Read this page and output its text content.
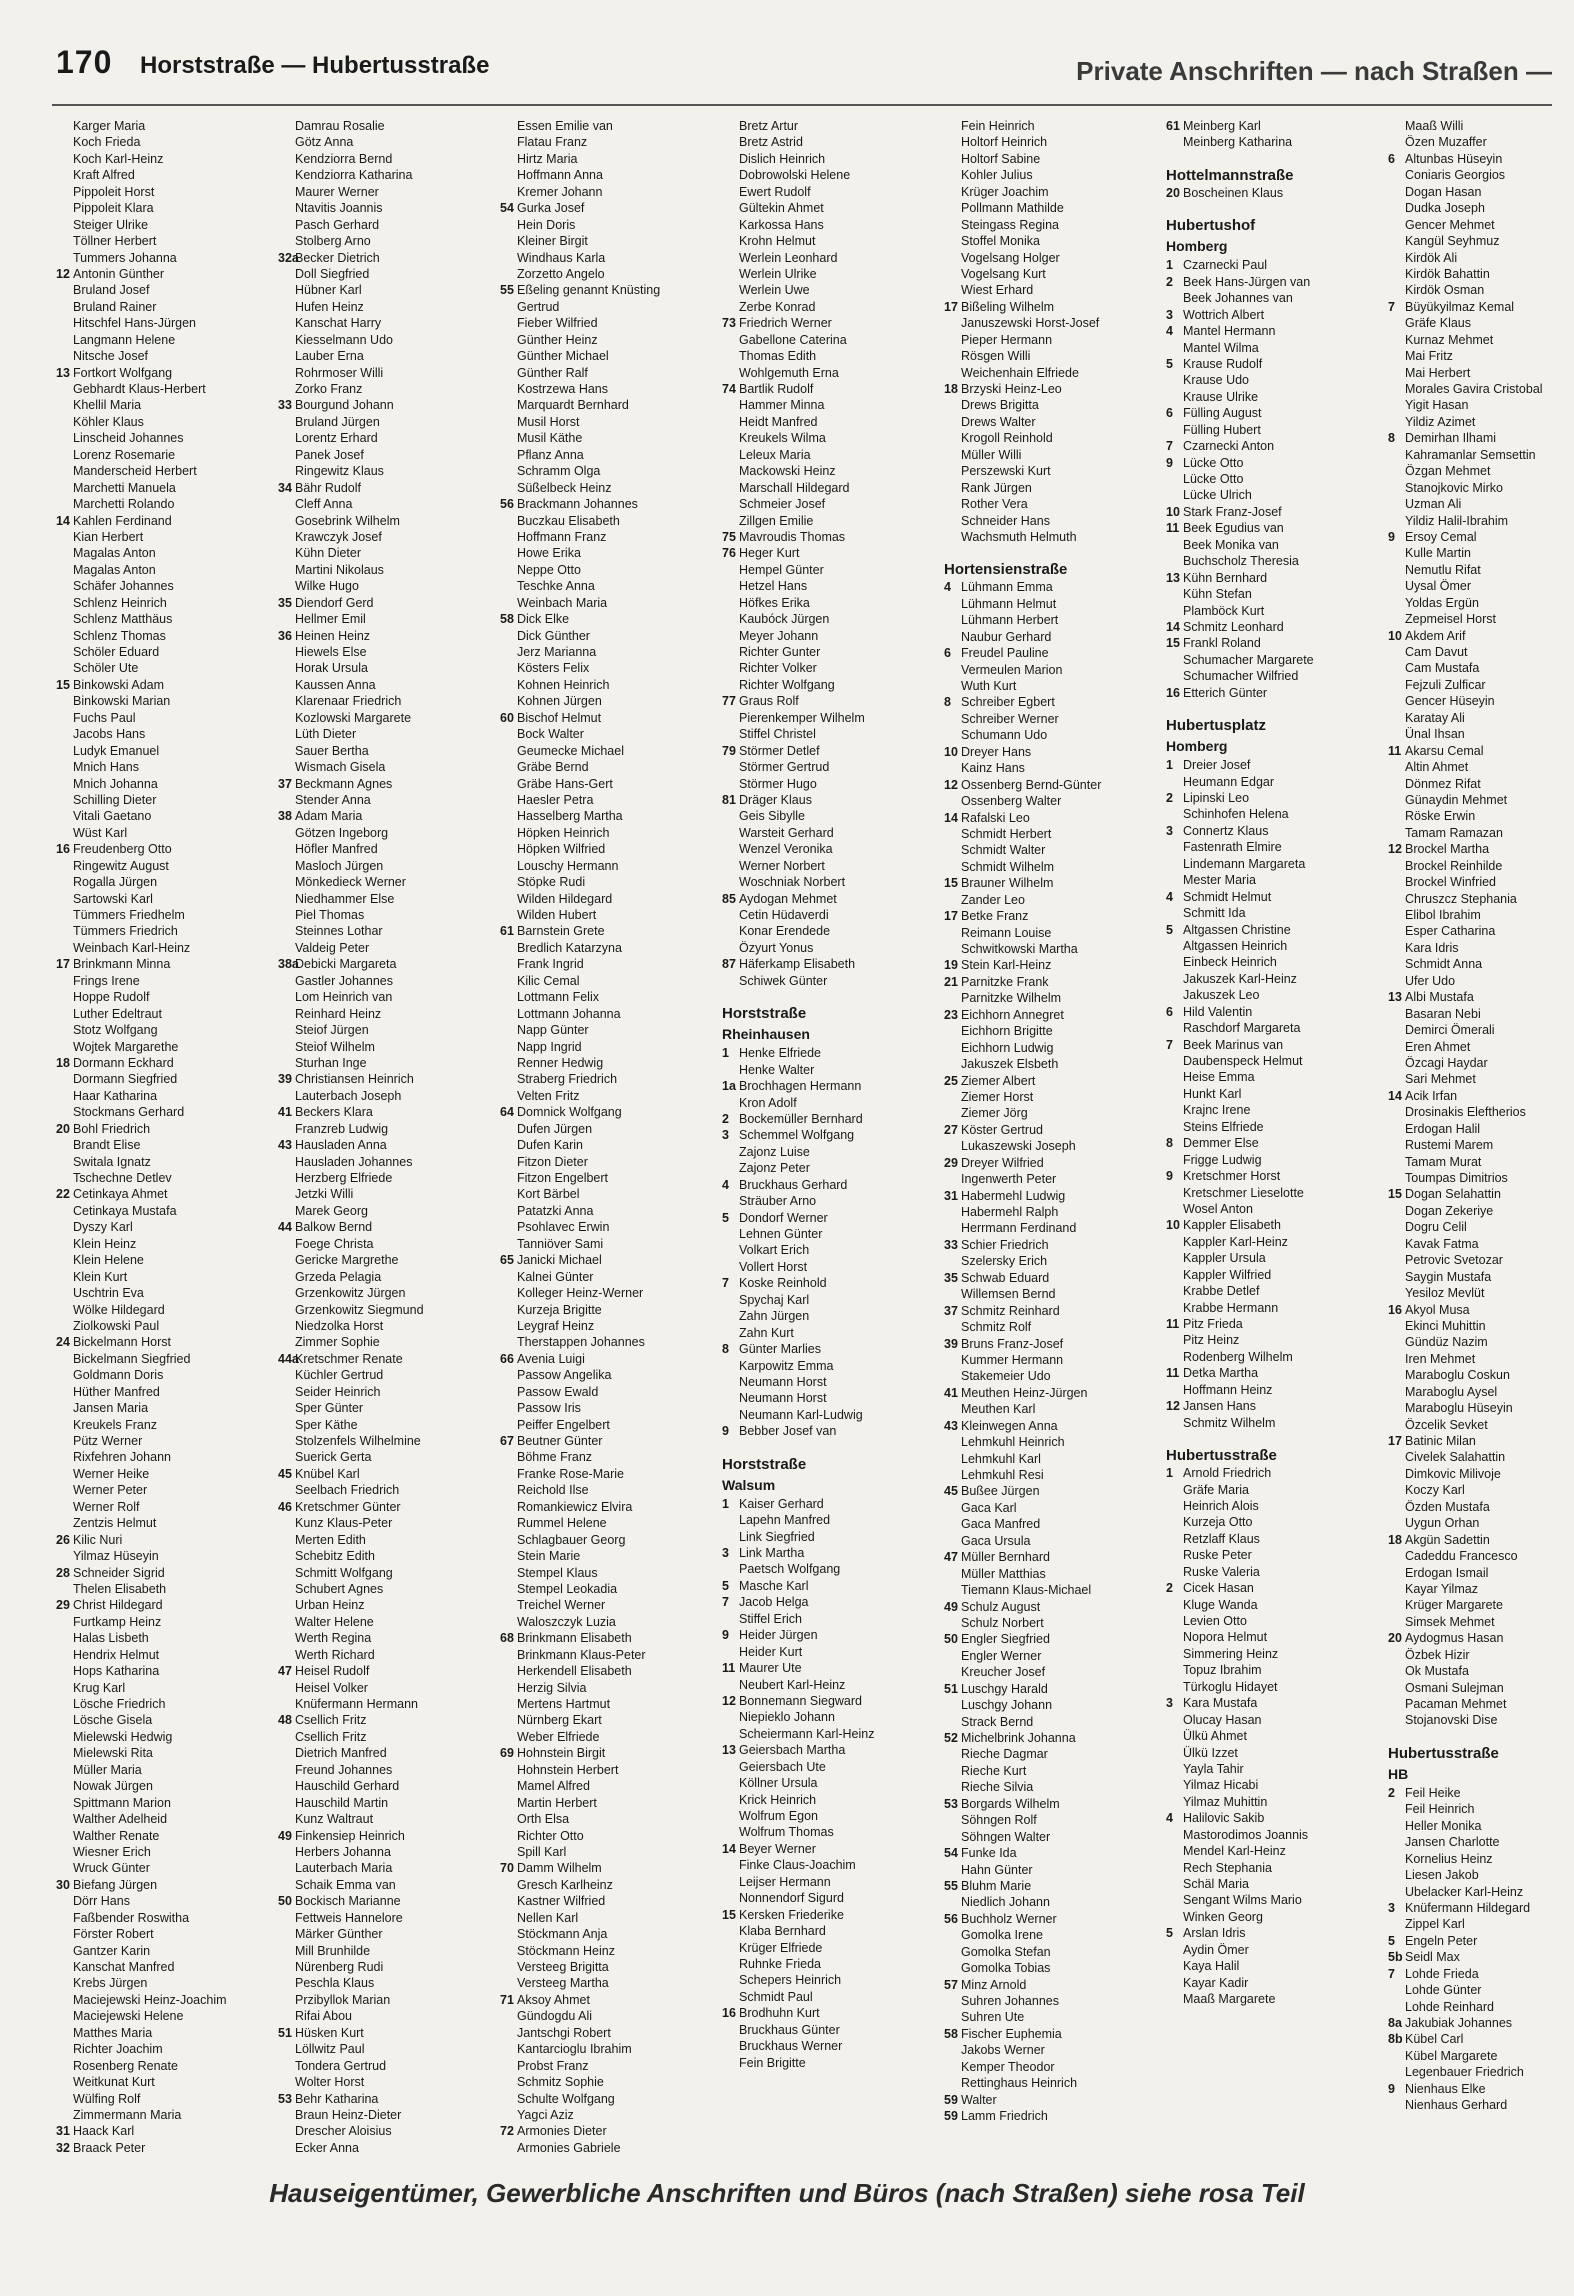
170 Horststraße — Hubertusstraße	Private Anschriften — nach Straßen —
Karger Maria
Koch Frieda
Koch Karl-Heinz
Kraft Alfred
Pippoleit Horst
Pippoleit Klara
Steiger Ulrike
Töllner Herbert
Tummers Johanna
12 Antonin Günther
Bruland Josef
Bruland Rainer
Hitschfel Hans-Jürgen
Langmann Helene
Nitsche Josef
13 Fortkort Wolfgang
Gebhardt Klaus-Herbert
Khellil Maria
Köhler Klaus
Linscheid Johannes
Lorenz Rosemarie
Manderscheid Herbert
Marchetti Manuela
Marchetti Rolando
14 Kahlen Ferdinand
Kian Herbert
Magalas Anton
Magalas Anton
Schäfer Johannes
Schlenz Heinrich
Schlenz Matthäus
Schlenz Thomas
Schöler Eduard
Schöler Ute
15 Binkowski Adam
Binkowski Marian
Fuchs Paul
Jacobs Hans
Ludyk Emanuel
Mnich Hans
Mnich Johanna
Schilling Dieter
Vitali Gaetano
Wüst Karl
16 Freudenberg Otto
Ringewitz August
Rogalla Jürgen
Sartowski Karl
Tümmers Friedhelm
Tümmers Friedrich
Weinbach Karl-Heinz
17 Brinkmann Minna
Frings Irene
Hoppe Rudolf
Luther Edeltraut
Stotz Wolfgang
Wojtek Margarethe
18 Dormann Eckhard
Dormann Siegfried
Haar Katharina
Stockmans Gerhard
20 Bohl Friedrich
Brandt Elise
Switala Ignatz
Tschechne Detlev
22 Cetinkaya Ahmet
Cetinkaya Mustafa
Dyszy Karl
Klein Heinz
Klein Helene
Klein Kurt
Uschtrin Eva
Wölke Hildegard
Ziolkowski Paul
24 Bickelmann Horst
Bickelmann Siegfried
Goldmann Doris
Hüther Manfred
Jansen Maria
Kreukels Franz
Pütz Werner
Rixfehren Johann
Werner Heike
Werner Peter
Werner Rolf
Zentzis Helmut
26 Kilic Nuri
Yilmaz Hüseyin
28 Schneider Sigrid
Thelen Elisabeth
29 Christ Hildegard
Furtkamp Heinz
Halas Lisbeth
Hendrix Helmut
Hops Katharina
Krug Karl
Lösche Friedrich
Lösche Gisela
Mielewski Hedwig
Mielewski Rita
Müller Maria
Nowak Jürgen
Spittmann Marion
Walther Adelheid
Walther Renate
Wiesner Erich
Wruck Günter
30 Biefang Jürgen
Dörr Hans
Faßbender Roswitha
Förster Robert
Gantzer Karin
Kanschat Manfred
Krebs Jürgen
Maciejewski Heinz-Joachim
Maciejewski Helene
Matthes Maria
Richter Joachim
Rosenberg Renate
Weitkunat Kurt
Wülfing Rolf
Zimmermann Maria
31 Haack Karl
32 Braack Peter
Damrau Rosalie
Götz Anna
Kendziorra Bernd
Kendziorra Katharina
Maurer Werner
Ntavitis Joannis
Pasch Gerhard
Stolberg Arno
32aBecker Dietrich
Doll Siegfried
Hübner Karl
Hufen Heinz
Kanschat Harry
Kiesselmann Udo
Lauber Erna
Rohrmoser Willi
Zorko Franz
33 Bourgund Johann
Bruland Jürgen
Lorentz Erhard
Panek Josef
Ringewitz Klaus
34 Bähr Rudolf
Cleff Anna
Gosebrink Wilhelm
Krawczyk Josef
Kühn Dieter
Martini Nikolaus
Wilke Hugo
35 Diendorf Gerd
Hellmer Emil
36 Heinen Heinz
Hiewels Else
Horak Ursula
Kaussen Anna
Klarenaar Friedrich
Kozlowski Margarete
Lüth Dieter
Sauer Bertha
Wismach Gisela
37 Beckmann Agnes
Stender Anna
38 Adam Maria
Götzen Ingeborg
Höfler Manfred
Masloch Jürgen
Mönkediеck Werner
Niedhammer Else
Piel Thomas
Steinnes Lothar
Valdeig Peter
38aDebicki Margareta
Gastler Johannes
Lom Heinrich van
Reinhard Heinz
Steiof Jürgen
Steiof Wilhelm
Sturhan Inge
39 Christiansen Heinrich
Lauterbach Joseph
41 Beckers Klara
Franzreb Ludwig
43 Hausladen Anna
Hausladen Johannes
Herzberg Elfriede
Jetzki Willi
Marek Georg
44 Balkow Bernd
Foege Christa
Gericke Margrethe
Grzeda Pelagia
Grzenkowitz Jürgen
Grzenkowitz Siegmund
Niedzolka Horst
Zimmer Sophie
44aKretschmer Renate
Küchler Gertrud
Seider Heinrich
Sper Günter
Sper Käthe
Stolzenfels Wilhelmine
Suerick Gerta
45 Knübel Karl
Seelbach Friedrich
46 Kretschmer Günter
Kunz Klaus-Peter
Merten Edith
Schebitz Edith
Schmitt Wolfgang
Schubert Agnes
Urban Heinz
Walter Helene
Werth Regina
Werth Richard
47 Heisel Rudolf
Heisel Volker
Knüfermann Hermann
48 Csellich Fritz
Csellich Fritz
Dietrich Manfred
Freund Johannes
Hauschild Gerhard
Hauschild Martin
Kunz Waltraut
49 Finkensiep Heinrich
Herbers Johanna
Lauterbach Maria
Schaik Emma van
50 Bockisch Marianne
Fettweis Hannelore
Märker Günther
Mill Brunhilde
Nürenberg Rudi
Peschla Klaus
Przibyllok Marian
Rifai Abou
51 Hüsken Kurt
Löllwitz Paul
Tondera Gertrud
Wolter Horst
53 Behr Katharina
Braun Heinz-Dieter
Drescher Aloisius
Ecker Anna
Essen Emilie van
Flatau Franz
Hirtz Maria
Hoffmann Anna
Kremer Johann
54 Gurka Josef
Hein Doris
Kleiner Birgit
Windhaus Karla
Zorzetto Angelo
55 Eßeling genannt Knüsting
Gertrud
Fieber Wilfried
Günther Heinz
Günther Michael
Günther Ralf
Kostrzewa Hans
Marquardt Bernhard
Musil Horst
Musil Käthe
Pflanz Anna
Schramm Olga
Süßelbeck Heinz
56 Brackmann Johannes
Buczkau Elisabeth
Hoffmann Franz
Howe Erika
Neppe Otto
Teschke Anna
Weinbach Maria
58 Dick Elke
Dick Günther
Jerz Marianna
Kösters Felix
Kohnen Heinrich
Kohnen Jürgen
60 Bischof Helmut
Bock Walter
Geumecke Michael
Gräbe Bernd
Gräbe Hans-Gert
Haesler Petra
Hasselberg Martha
Höpken Heinrich
Höpken Wilfried
Louschy Hermann
Stöpke Rudi
Wilden Hildegard
Wilden Hubert
61 Barnstein Grete
Bredlich Katarzyna
Frank Ingrid
Kilic Cemal
Lottmann Felix
Lottmann Johanna
Napp Günter
Napp Ingrid
Renner Hedwig
Straberg Friedrich
Velten Fritz
64 Domnick Wolfgang
Dufen Jürgen
Dufen Karin
Fitzon Dieter
Fitzon Engelbert
Kort Bärbel
Patatzki Anna
Psohlavec Erwin
Tanniöver Sami
65 Janicki Michael
Kalnei Günter
Kolleger Heinz-Werner
Kurzeja Brigitte
Leygraf Heinz
Therstappen Johannes
66 Avenia Luigi
Passow Angelika
Passow Ewald
Passow Iris
Peiffer Engelbert
67 Beutner Günter
Böhme Franz
Franke Rose-Marie
Reichold Ilse
Romankiewicz Elvira
Rummel Helene
Schlagbauer Georg
Stein Marie
Stempel Klaus
Stempel Leokadia
Treichel Werner
Waloszczyk Luzia
68 Brinkmann Elisabeth
Brinkmann Klaus-Peter
Herkendell Elisabeth
Herzig Silvia
Mertens Hartmut
Nürnberg Ekart
Weber Elfriede
69 Hohnstein Birgit
Hohnstein Herbert
Mamel Alfred
Martin Herbert
Orth Elsa
Richter Otto
Spill Karl
70 Damm Wilhelm
Gresch Karlheinz
Kastner Wilfried
Nellen Karl
Stöckmann Anja
Stöckmann Heinz
Versteeg Brigitta
Versteeg Martha
71 Aksoy Ahmet
Gündogdu Ali
Jantschgi Robert
Kantarcioglu Ibrahim
Probst Franz
Schmitz Sophie
Schulte Wolfgang
Yagci Aziz
72 Armonies Dieter
Armonies Gabriele
Bretz Artur
Bretz Astrid
Dislich Heinrich
Dobrowolski Helene
Ewert Rudolf
Gültekin Ahmet
Karkossa Hans
Krohn Helmut
Werlein Leonhard
Werlein Ulrike
Werlein Uwe
Zerbe Konrad
73 Friedrich Werner
Gabellone Caterina
Thomas Edith
Wohlgemuth Erna
74 Bartlik Rudolf
Hammer Minna
Heidt Manfred
Kreukels Wilma
Leleux Maria
Mackowski Heinz
Marschall Hildegard
Schmeier Josef
Zillgen Emilie
75 Mavroudis Thomas
76 Heger Kurt
Hempel Günter
Hetzel Hans
Höfkes Erika
Kaubóck Jürgen
Meyer Johann
Richter Gunter
Richter Volker
Richter Wolfgang
77 Graus Rolf
Pierenkemper Wilhelm
Stiffel Christel
79 Störmer Detlef
Störmer Gertrud
Störmer Hugo
81 Dräger Klaus
Geis Sibylle
Warsteit Gerhard
Wenzel Veronika
Werner Norbert
Woschniak Norbert
85 Aydogan Mehmet
Cetin Hüdaverdi
Konar Erendede
Özyurt Yonus
87 Häferkamp Elisabeth
Schiwek Günter
Horststraße
Rheinhausen
1 Henke Elfriede
Henke Walter
1a Brochhagen Hermann
Kron Adolf
2 Bockemüller Bernhard
3 Schemmel Wolfgang
Zajonz Luise
Zajonz Peter
4 Bruckhaus Gerhard
Sträuber Arno
5 Dondorf Werner
Lehnen Günter
Volkart Erich
Vollert Horst
7 Koske Reinhold
Spychaj Karl
Zahn Jürgen
Zahn Kurt
8 Günter Marlies
Karpowitz Emma
Neumann Horst
Neumann Horst
Neumann Karl-Ludwig
9 Bebber Josef van
Horststraße
Walsum
1 Kaiser Gerhard
Lapehn Manfred
Link Siegfried
3 Link Martha
Paetsch Wolfgang
5 Masche Karl
7 Jacob Helga
Stiffel Erich
9 Heider Jürgen
Heider Kurt
11 Maurer Ute
Neubert Karl-Heinz
12 Bonnemann Siegward
Niepieklo Johann
Scheiermann Karl-Heinz
13 Geiersbach Martha
Geiersbach Ute
Köllner Ursula
Krick Heinrich
Wolfrum Egon
Wolfrum Thomas
14 Beyer Werner
Finke Claus-Joachim
Leijser Hermann
Nonnendorf Sigurd
15 Kersken Friederike
Klaba Bernhard
Krüger Elfriede
Ruhnke Frieda
Schepers Heinrich
Schmidt Paul
16 Brodhuhn Kurt
Bruckhaus Günter
Bruckhaus Werner
Fein Brigitte
Fein Heinrich
Holtorf Heinrich
Holtorf Sabine
Kohler Julius
Krüger Joachim
Pollmann Mathilde
Steingass Regina
Stoffel Monika
Vogelsang Holger
Vogelsang Kurt
Wiest Erhard
17 Bißeling Wilhelm
Januszewski Horst-Josef
Pieper Hermann
Rösgen Willi
Weichenhain Elfriede
18 Brzyski Heinz-Leo
Drews Brigitta
Drews Walter
Krogoll Reinhold
Müller Willi
Perszewski Kurt
Rank Jürgen
Rother Vera
Schneider Hans
Wachsmuth Helmuth
Hortensienstraße
4 Lühmann Emma
Lühmann Helmut
Lühmann Herbert
Naubur Gerhard
6 Freudel Pauline
Vermeulen Marion
Wuth Kurt
8 Schreiber Egbert
Schreiber Werner
Schumann Udo
10 Dreyer Hans
Kainz Hans
12 Ossenberg Bernd-Günter
Ossenberg Walter
14 Rafalski Leo
Schmidt Herbert
Schmidt Walter
Schmidt Wilhelm
15 Brauner Wilhelm
Zander Leo
17 Betke Franz
Reimann Louise
Schwitkowski Martha
19 Stein Karl-Heinz
21 Parnitzke Frank
Parnitzke Wilhelm
23 Eichhorn Annegret
Eichhorn Brigitte
Eichhorn Ludwig
Jakuszek Elsbeth
25 Ziemer Albert
Ziemer Horst
Ziemer Jörg
27 Köster Gertrud
Lukaszewski Joseph
29 Dreyer Wilfried
Ingenwerth Peter
31 Habermehl Ludwig
Habermehl Ralph
Herrmann Ferdinand
33 Schier Friedrich
Szelersky Erich
35 Schwab Eduard
Willemsen Bernd
37 Schmitz Reinhard
Schmitz Rolf
39 Bruns Franz-Josef
Kummer Hermann
Stakemeier Udo
41 Meuthen Heinz-Jürgen
Meuthen Karl
43 Kleinwegen Anna
Lehmkuhl Heinrich
Lehmkuhl Karl
Lehmkuhl Resi
45 Bußee Jürgen
Gaca Karl
Gaca Manfred
Gaca Ursula
47 Müller Bernhard
Müller Matthias
Tiemann Klaus-Michael
49 Schulz August
Schulz Norbert
50 Engler Siegfried
Engler Werner
Kreucher Josef
51 Luschgy Harald
Luschgy Johann
Strack Bernd
52 Michelbrink Johanna
Rieche Dagmar
Rieche Kurt
Rieche Silvia
53 Borgards Wilhelm
Söhngen Rolf
Söhngen Walter
54 Funke Ida
Hahn Günter
55 Bluhm Marie
Niedlich Johann
56 Buchholz Werner
Gomolka Irene
Gomolka Stefan
Gomolka Tobias
57 Minz Arnold
Suhren Johannes
Suhren Ute
58 Fischer Euphemia
Jakobs Werner
Kemper Theodor
Rettinghaus Heinrich
59 Walter
59 Lamm Friedrich
61 Meinberg Karl
Meinberg Katharina
Hottelmannstraße
20 Boscheinen Klaus
Hubertushof
Homberg
1 Czarnecki Paul
2 Beek Hans-Jürgen van
Beek Johannes van
3 Wottrich Albert
4 Mantel Hermann
Mantel Wilma
5 Krause Rudolf
Krause Udo
Krause Ulrike
6 Fülling August
Fülling Hubert
7 Czarnecki Anton
9 Lücke Otto
Lücke Otto
Lücke Ulrich
10 Stark Franz-Josef
11 Beek Egudius van
Beek Monika van
Buchscholz Theresia
13 Kühn Bernhard
Kühn Stefan
Plamböck Kurt
14 Schmitz Leonhard
15 Frankl Roland
Schumacher Margarete
Schumacher Wilfried
16 Etterich Günter
Hubertusplatz
Homberg
1 Dreier Josef
Heumann Edgar
2 Lipinski Leo
Schinhofen Helena
3 Connertz Klaus
Fastenrath Elmire
Lindemann Margareta
Mester Maria
4 Schmidt Helmut
Schmitt Ida
5 Altgassen Christine
Altgassen Heinrich
Einbeck Heinrich
Jakuszek Karl-Heinz
Jakuszek Leo
6 Hild Valentin
Raschdorf Margareta
7 Beek Marinus van
Daubenspeck Helmut
Heise Emma
Hunkt Karl
Krajnc Irene
Steins Elfriede
8 Demmer Else
Frigge Ludwig
9 Kretschmer Horst
Kretschmer Lieselotte
Wosel Anton
10 Kappler Elisabeth
Kappler Karl-Heinz
Kappler Ursula
Kappler Wilfried
Krabbe Detlef
Krabbe Hermann
11 Pitz Frieda
Pitz Heinz
Rodenberg Wilhelm
11 Detka Martha
Hoffmann Heinz
12 Jansen Hans
Schmitz Wilhelm
Hubertusstraße
1 Arnold Friedrich
Gräfe Maria
Heinrich Alois
Kurzeja Otto
Retzlaff Klaus
Ruske Peter
Ruske Valeria
2 Cicek Hasan
Kluge Wanda
Levien Otto
Nopora Helmut
Simmering Heinz
Topuz Ibrahim
Türkoglu Hidayet
3 Kara Mustafa
Olucay Hasan
Ülkü Ahmet
Ülkü Izzet
Yayla Tahir
Yilmaz Hicabi
Yilmaz Muhittin
4 Halilovic Sakib
Mastorodimos Joannis
Mendel Karl-Heinz
Rech Stephania
Schäl Maria
Sengant Wilms Mario
Winken Georg
5 Arslan Idris
Aydin Ömer
Kaya Halil
Kayar Kadir
Maaß Margarete
Maaß Willi
Özen Muzaffer
6 Altunbas Hüseyin
Coniaris Georgios
Dogan Hasan
Dudka Joseph
Gencer Mehmet
Kangül Seyhmuz
Kirdök Ali
Kirdök Bahattin
Kirdök Osman
7 Büyükyilmaz Kemal
Gräfe Klaus
Kurnaz Mehmet
Mai Fritz
Mai Herbert
Morales Gavira Cristobal
Yigit Hasan
Yildiz Azimet
8 Demirhan Ilhami
Kahramanlar Semsettin
Özgan Mehmet
Stanojkovic Mirko
Uzman Ali
Yildiz Halil-Ibrahim
9 Ersoy Cemal
Kulle Martin
Nemutlu Rifat
Uysal Ömer
Yoldas Ergün
Zepmeisel Horst
10 Akdem Arif
Cam Davut
Cam Mustafa
Fejzuli Zulficar
Gencer Hüseyin
Karatay Ali
Ünal Ihsan
11 Akarsu Cemal
Altin Ahmet
Dönmez Rifat
Günaydin Mehmet
Röske Erwin
Tamam Ramazan
12 Brockel Martha
Brockel Reinhilde
Brockel Winfried
Chruszcz Stephania
Elibol Ibrahim
Esper Catharina
Kara Idris
Schmidt Anna
Ufer Udo
13 Albi Mustafa
Basaran Nebi
Demirci Ömerali
Eren Ahmet
Özcagi Haydar
Sari Mehmet
14 Acik Irfan
Drosinakis Eleftherios
Erdogan Halil
Rustemi Marem
Tamam Murat
Toumpas Dimitrios
15 Dogan Selahattin
Dogan Zekeriye
Dogru Celil
Kavak Fatma
Petrovic Svetozar
Saygin Mustafa
Yesiloz Mevlüt
16 Akyol Musa
Ekinci Muhittin
Gündüz Nazim
Iren Mehmet
Maraboglu Coskun
Maraboglu Aysel
Maraboglu Hüseyin
Özcelik Sevket
17 Batinic Milan
Civelek Salahattin
Dimkovic Milivoje
Koczy Karl
Özden Mustafa
Uygun Orhan
18 Akgün Sadettin
Cadeddu Francesco
Erdogan Ismail
Kayar Yilmaz
Krüger Margarete
Simsek Mehmet
20 Aydogmus Hasan
Özbek Hizir
Ok Mustafa
Osmani Sulejman
Pacaman Mehmet
Stojanovski Dise
Hubertusstraße
HB
2 Feil Heike
Feil Heinrich
Heller Monika
Jansen Charlotte
Kornelius Heinz
Liesen Jakob
Ubelacker Karl-Heinz
3 Knüfermann Hildegard
Zippel Karl
5 Engeln Peter
5b Seidl Max
7 Lohde Frieda
Lohde Günter
Lohde Reinhard
8a Jakubiak Johannes
8b Kübel Carl
Kübel Margarete
Legenbauer Friedrich
9 Nienhaus Elke
Nienhaus Gerhard
Hauseigentümer, Gewerbliche Anschriften und Büros (nach Straßen) siehe rosa Teil
